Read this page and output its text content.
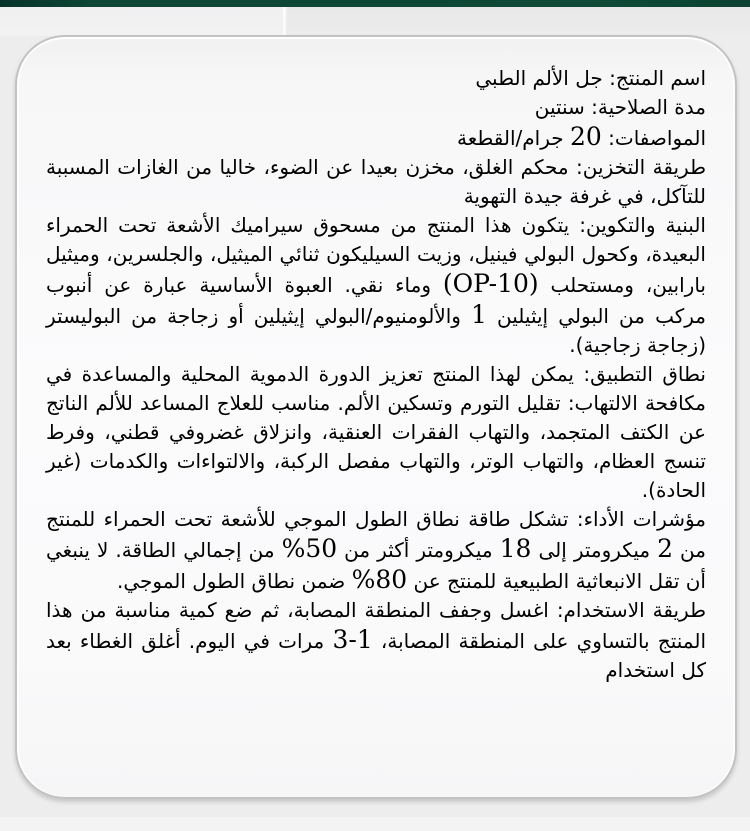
اسم المنتج: جل الألم الطبي

مدة الصلاحية: سنتين

المواصفات: 20 جرام/القطعة

طريقة التخزين: محكم الغلق، مخزن بعيدا عن الضوء، خاليا من الغازات المسببة للتآكل، في غرفة جيدة التهوية

البنية والتكوين: يتكون هذا المنتج من مسحوق سيراميك الأشعة تحت الحمراء البعيدة، وكحول البولي فينيل، وزيت السيليكون ثنائي الميثيل، والجلسرين، وميثيل بارابين، ومستحلب (OP-10) وماء نقي. العبوة الأساسية عبارة عن أنبوب مركب من البولي إيثيلين 1 والألومنيوم/البولي إيثيلين أو زجاجة من البوليستر (زجاجة زجاجية).

نطاق التطبيق: يمكن لهذا المنتج تعزيز الدورة الدموية المحلية والمساعدة في مكافحة الالتهاب: تقليل التورم وتسكين الألم. مناسب للعلاج المساعد للألم الناتج عن الكتف المتجمد، والتهاب الفقرات العنقية، وانزلاق غضروفي قطني، وفرط تنسج العظام، والتهاب الوتر، والتهاب مفصل الركبة، والالتواءات والكدمات (غير الحادة).

مؤشرات الأداء: تشكل طاقة نطاق الطول الموجي للأشعة تحت الحمراء للمنتج من 2 ميكرومتر إلى 18 ميكرومتر أكثر من 50% من إجمالي الطاقة. لا ينبغي أن تقل الانبعاثية الطبيعية للمنتج عن 80% ضمن نطاق الطول الموجي.

طريقة الاستخدام: اغسل وجفف المنطقة المصابة، ثم ضع كمية مناسبة من هذا المنتج بالتساوي على المنطقة المصابة، 1-3 مرات في اليوم. أغلق الغطاء بعد كل استخدام
